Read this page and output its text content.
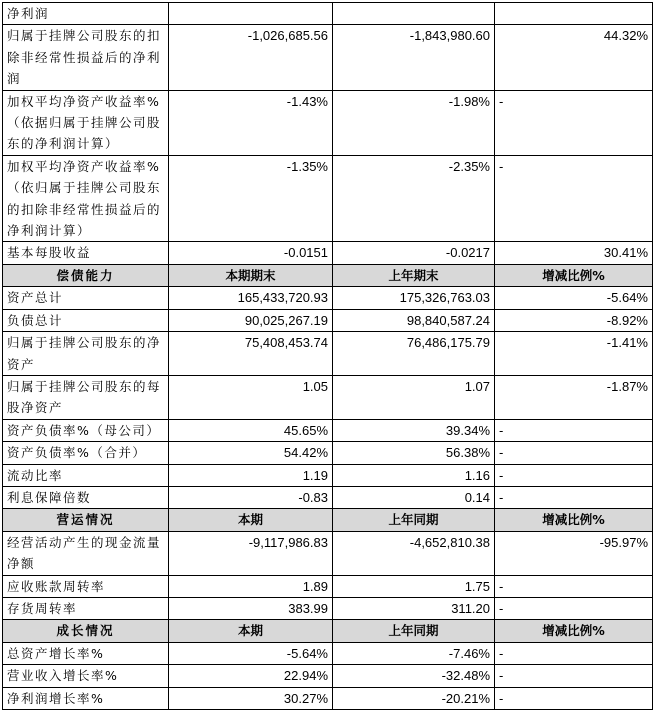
净利润			
归属于挂牌公司股东的扣除非经常性损益后的净利润	-1,026,685.56	-1,843,980.60	44.32%
加权平均净资产收益率%（依据归属于挂牌公司股东的净利润计算）	-1.43%	-1.98%	-
加权平均净资产收益率%（依归属于挂牌公司股东的扣除非经常性损益后的净利润计算）	-1.35%	-2.35%	-
基本每股收益	-0.0151	-0.0217	30.41%
偿债能力	本期期末	上年期末	增减比例%
资产总计	165,433,720.93	175,326,763.03	-5.64%
负债总计	90,025,267.19	98,840,587.24	-8.92%
归属于挂牌公司股东的净资产	75,408,453.74	76,486,175.79	-1.41%
归属于挂牌公司股东的每股净资产	1.05	1.07	-1.87%
资产负债率%（母公司）	45.65%	39.34%	-
资产负债率%（合并）	54.42%	56.38%	-
流动比率	1.19	1.16	-
利息保障倍数	-0.83	0.14	-
营运情况	本期	上年同期	增减比例%
经营活动产生的现金流量净额	-9,117,986.83	-4,652,810.38	-95.97%
应收账款周转率	1.89	1.75	-
存货周转率	383.99	311.20	-
成长情况	本期	上年同期	增减比例%
总资产增长率%	-5.64%	-7.46%	-
营业收入增长率%	22.94%	-32.48%	-
净利润增长率%	30.27%	-20.21%	-
